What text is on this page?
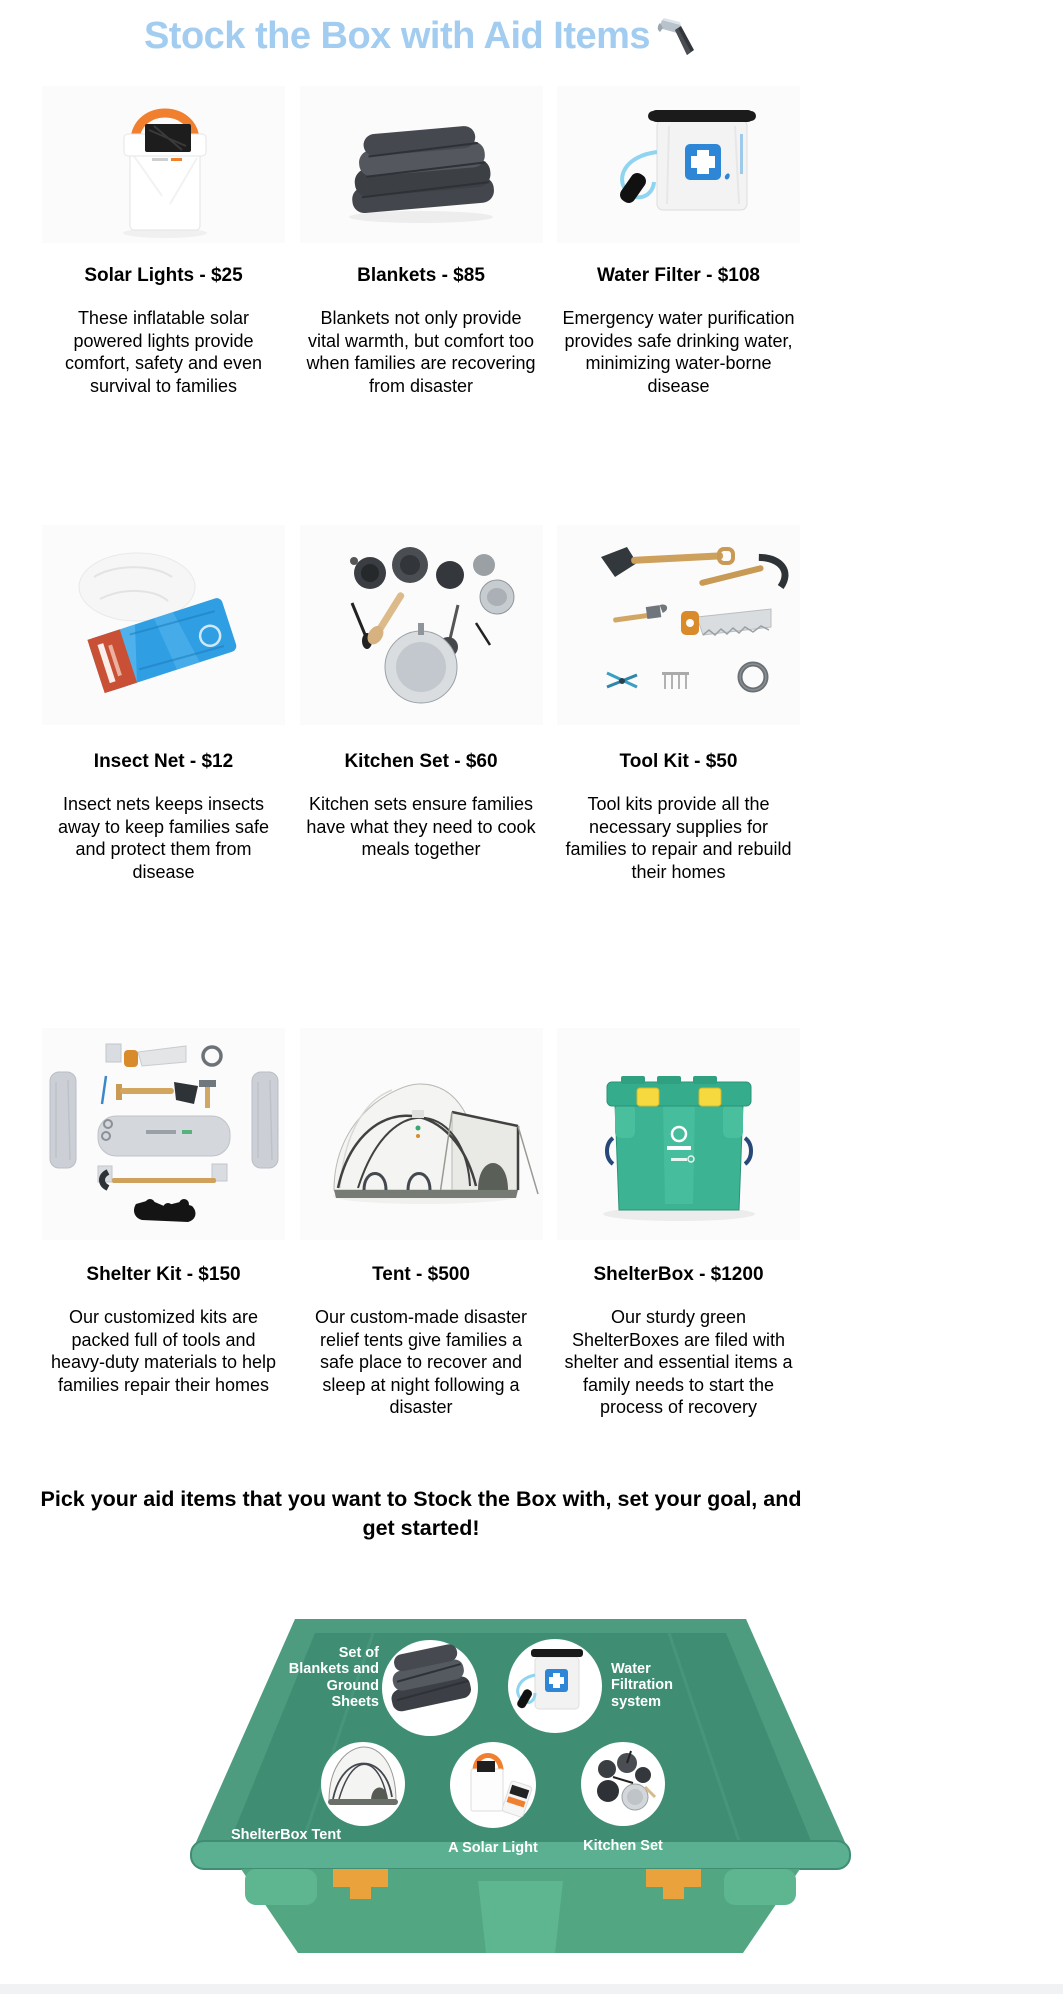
Stock the Box with Aid Items
Solar Lights - $25
These inflatable solar powered lights provide comfort, safety and even survival to families
Blankets - $85
Blankets not only provide vital warmth, but comfort too when families are recovering from disaster
Water Filter - $108
Emergency water purification provides safe drinking water, minimizing water-borne disease
Insect Net - $12
Insect nets keeps insects away to keep families safe and protect them from disease
Kitchen Set - $60
Kitchen sets ensure families have what they need to cook meals together
Tool Kit - $50
Tool kits provide all the necessary supplies for families to repair and rebuild their homes
Shelter Kit - $150
Our customized kits are packed full of tools and heavy-duty materials to help families repair their homes
Tent - $500
Our custom-made disaster relief tents give families a safe place to recover and sleep at night following a disaster
ShelterBox - $1200
Our sturdy green ShelterBoxes are filed with shelter and essential items a family needs to start the process of recovery
Pick your aid items that you want to Stock the Box with, set your goal, and get started!
Set of Blankets and Ground Sheets
Water Filtration system
ShelterBox Tent
A Solar Light	Kitchen Set
